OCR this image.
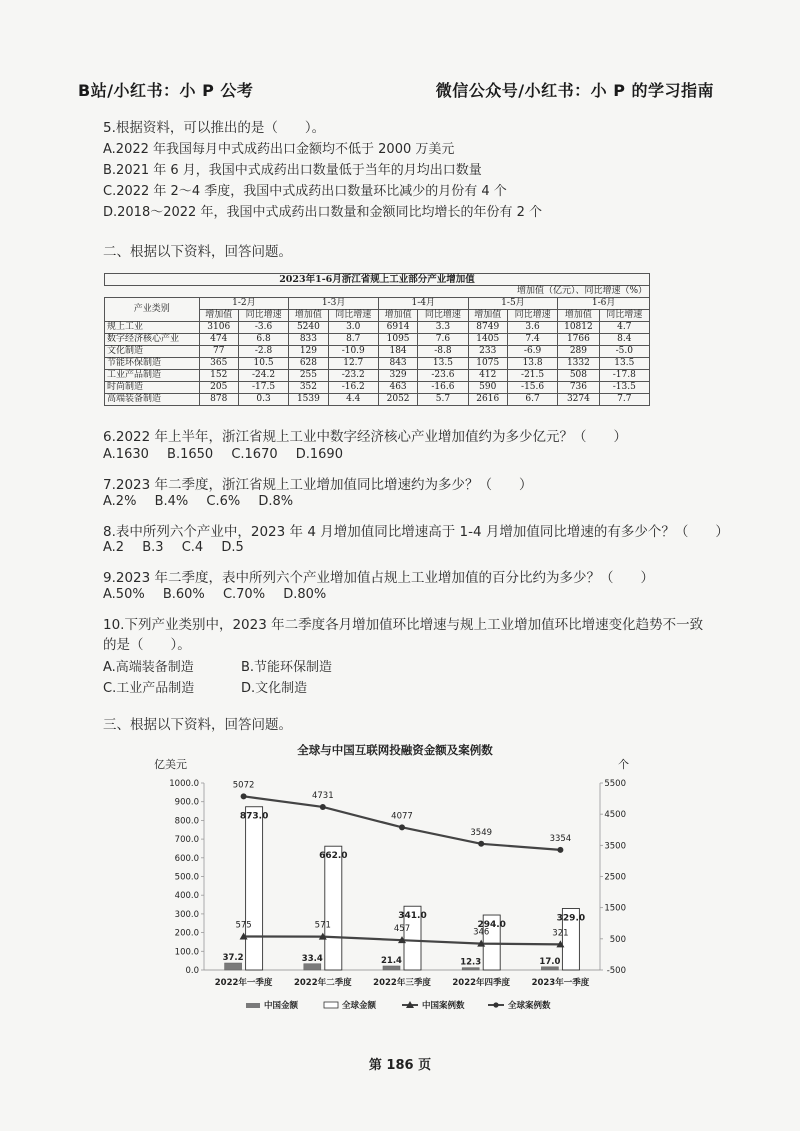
B站/小红书：小 P 公考	微信公众号/小红书：小 P 的学习指南
5.根据资料，可以推出的是（　　）。
A.2022 年我国每月中式成药出口金额均不低于 2000 万美元
B.2021 年 6 月，我国中式成药出口数量低于当年的月均出口数量
C.2022 年 2～4 季度，我国中式成药出口数量环比减少的月份有 4 个
D.2018～2022 年，我国中式成药出口数量和金额同比均增长的年份有 2 个
二、根据以下资料，回答问题。
2023年1-6月浙江省规上工业部分产业增加值										
增加值（亿元）、同比增速（%）										
产业类别	1-2月		1-3月		1-4月		1-5月		1-6月	
	增加值	同比增速	增加值	同比增速	增加值	同比增速	增加值	同比增速	增加值	同比增速
规上工业	3106	-3.6	5240	3.0	6914	3.3	8749	3.6	10812	4.7
数字经济核心产业	474	6.8	833	8.7	1095	7.6	1405	7.4	1766	8.4
文化制造	77	-2.8	129	-10.9	184	-8.8	233	-6.9	289	-5.0
节能环保制造	365	10.5	628	12.7	843	13.5	1075	13.8	1332	13.5
工业产品制造	152	-24.2	255	-23.2	329	-23.6	412	-21.5	508	-17.8
时尚制造	205	-17.5	352	-16.2	463	-16.6	590	-15.6	736	-13.5
高端装备制造	878	0.3	1539	4.4	2052	5.7	2616	6.7	3274	7.7
6.2022 年上半年，浙江省规上工业中数字经济核心产业增加值约为多少亿元？（　　）
A.1630 B.1650 C.1670 D.1690
7.2023 年二季度，浙江省规上工业增加值同比增速约为多少？（　　）
A.2% B.4% C.6% D.8%
8.表中所列六个产业中，2023 年 4 月增加值同比增速高于 1-4 月增加值同比增速的有多少个？（　　）
A.2 B.3 C.4 D.5
9.2023 年二季度，表中所列六个产业增加值占规上工业增加值的百分比约为多少？（　　）
A.50% B.60% C.70% D.80%
10.下列产业类别中，2023 年二季度各月增加值环比增速与规上工业增加值环比增速变化趋势不一致
的是（　　）。
A.高端装备制造	B.节能环保制造
C.工业产品制造	D.文化制造
三、根据以下资料，回答问题。
全球与中国互联网投融资金额及案例数
亿美元	个
1000.0
900.0
800.0
700.0
600.0
500.0
400.0
300.0
200.0
100.0
0.0
5500
4500
3500
2500
1500
500
-500
37.2
873.0
2022年一季度
33.4
662.0
2022年二季度
21.4
341.0
2022年三季度
12.3
294.0
2022年四季度
17.0
329.0
2023年一季度
5072
4731
4077
3549
3354
575	571	457	346	321
中国金额	全球金额	中国案例数	全球案例数
第 186 页
